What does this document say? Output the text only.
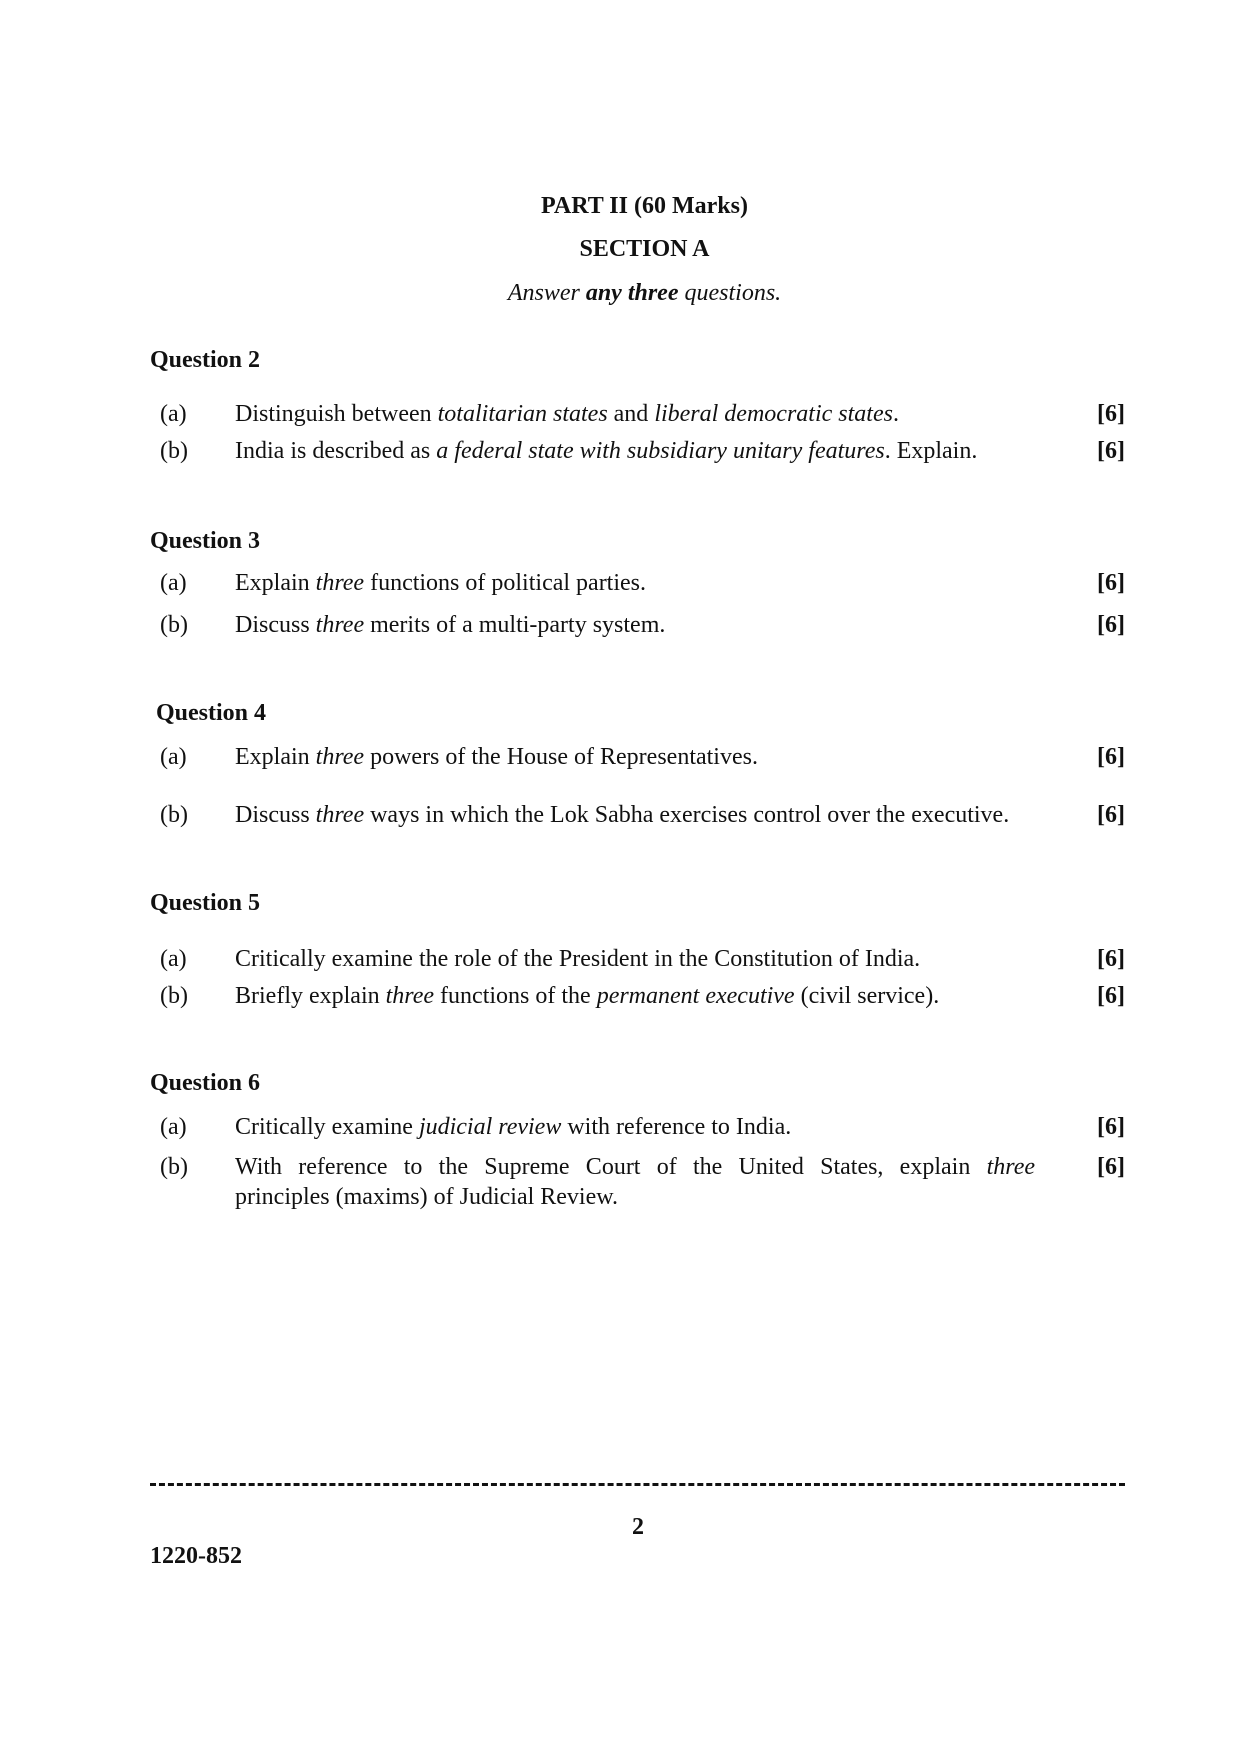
PART II (60 Marks)
SECTION A
Answer any three questions.
Question 2
(a) Distinguish between totalitarian states and liberal democratic states.	[6]
(b) India is described as a federal state with subsidiary unitary features. Explain.	[6]
Question 3
(a) Explain three functions of political parties.	[6]
(b) Discuss three merits of a multi-party system.	[6]
Question 4
(a) Explain three powers of the House of Representatives.	[6]
(b) Discuss three ways in which the Lok Sabha exercises control over the executive.	[6]
Question 5
(a) Critically examine the role of the President in the Constitution of India.	[6]
(b) Briefly explain three functions of the permanent executive (civil service).	[6]
Question 6
(a) Critically examine judicial review with reference to India.	[6]
(b) With reference to the Supreme Court of the United States, explain three	[6]
principles (maxims) of Judicial Review.
2
1220-852
